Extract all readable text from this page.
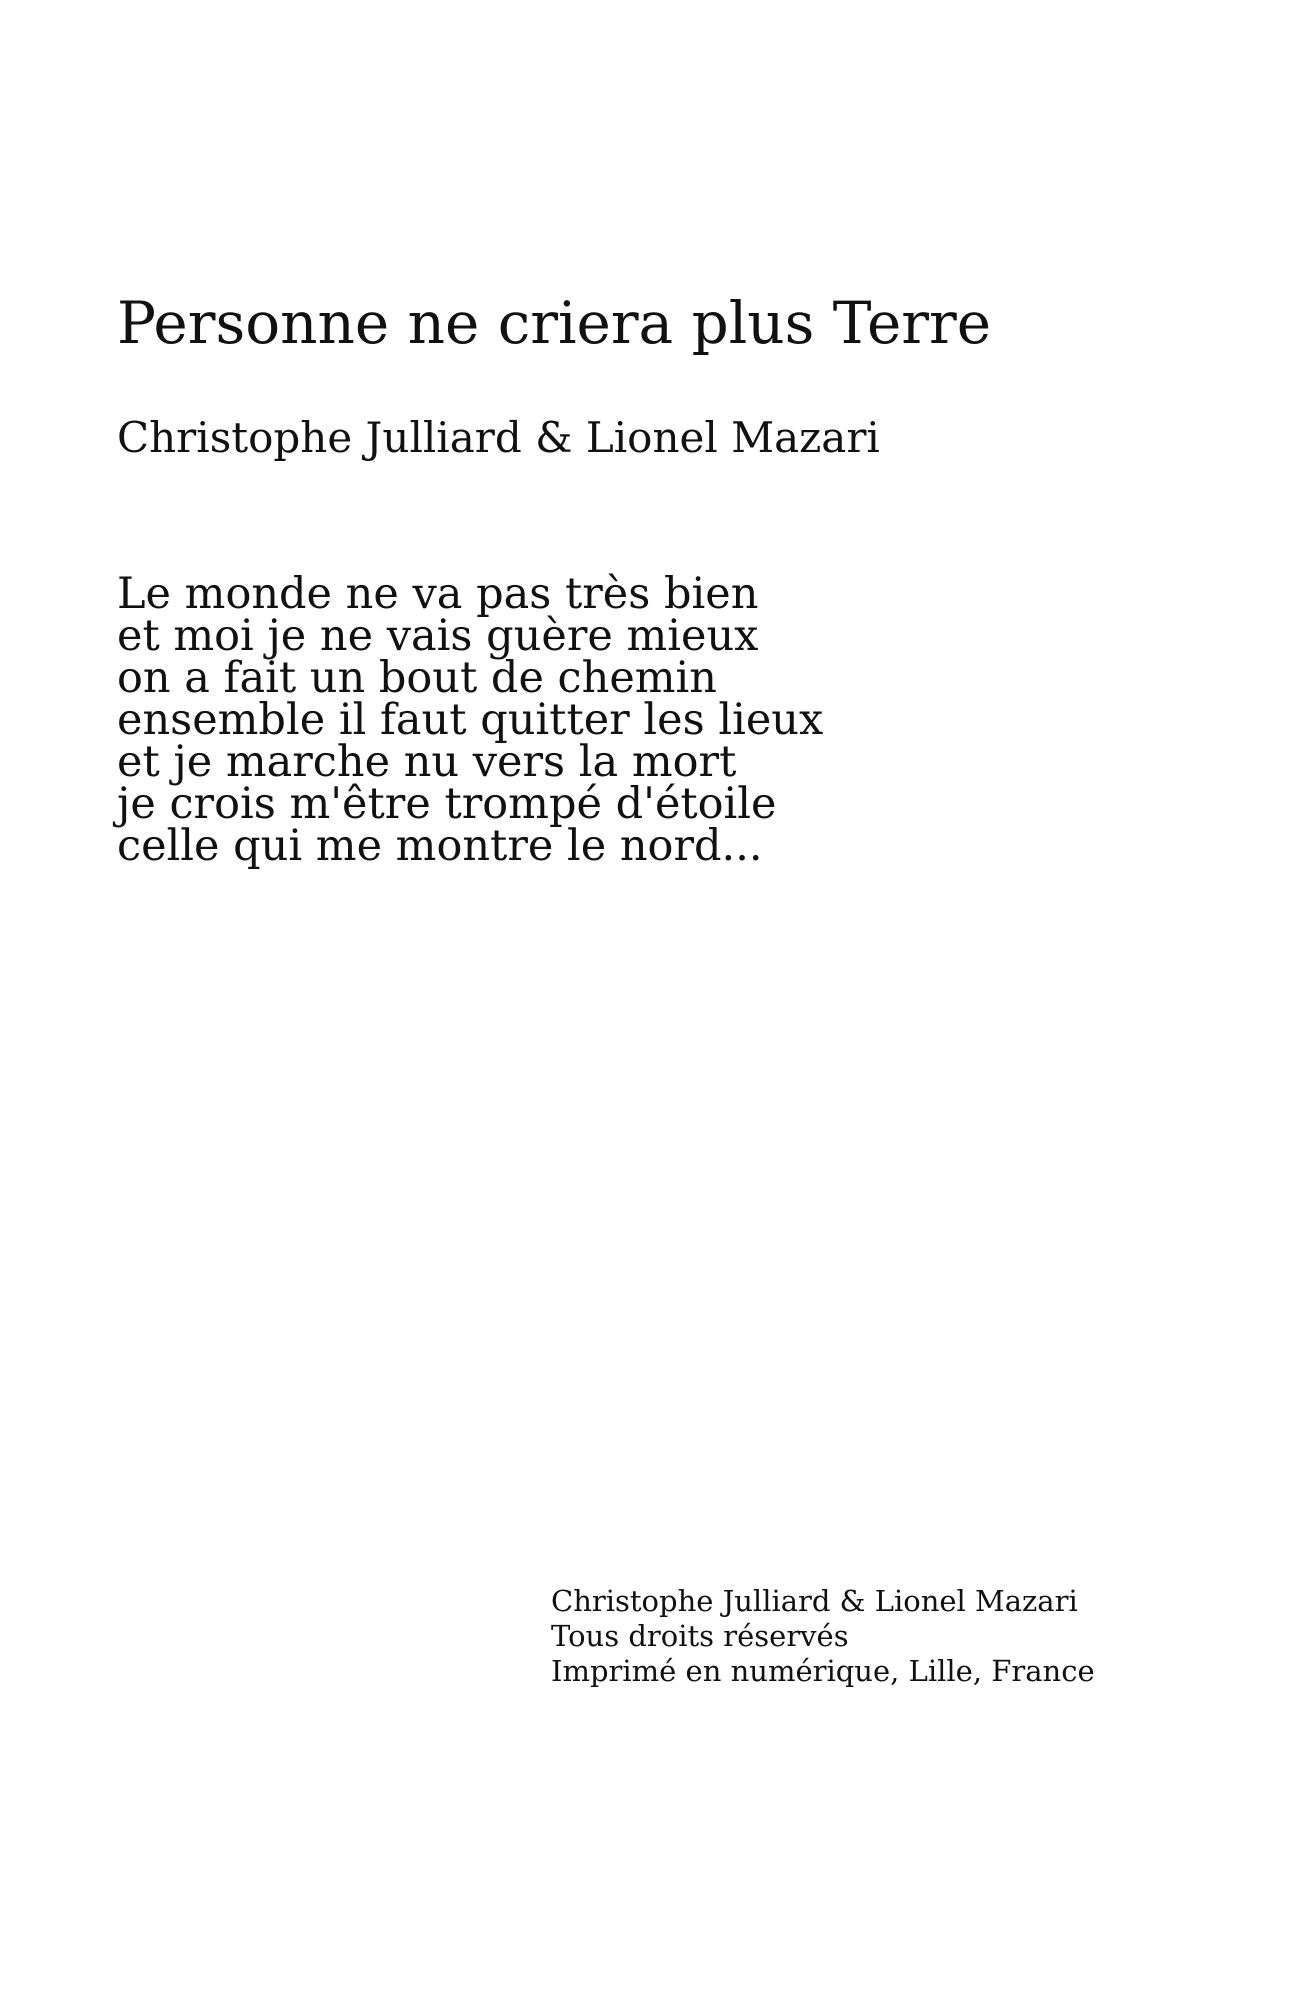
Personne ne criera plus Terre
Christophe Julliard & Lionel Mazari
Le monde ne va pas très bien
et moi je ne vais guère mieux
on a fait un bout de chemin
ensemble il faut quitter les lieux
et je marche nu vers la mort
je crois m'être trompé d'étoile
celle qui me montre le nord...
Christophe Julliard & Lionel Mazari
Tous droits réservés
Imprimé en numérique, Lille, France
